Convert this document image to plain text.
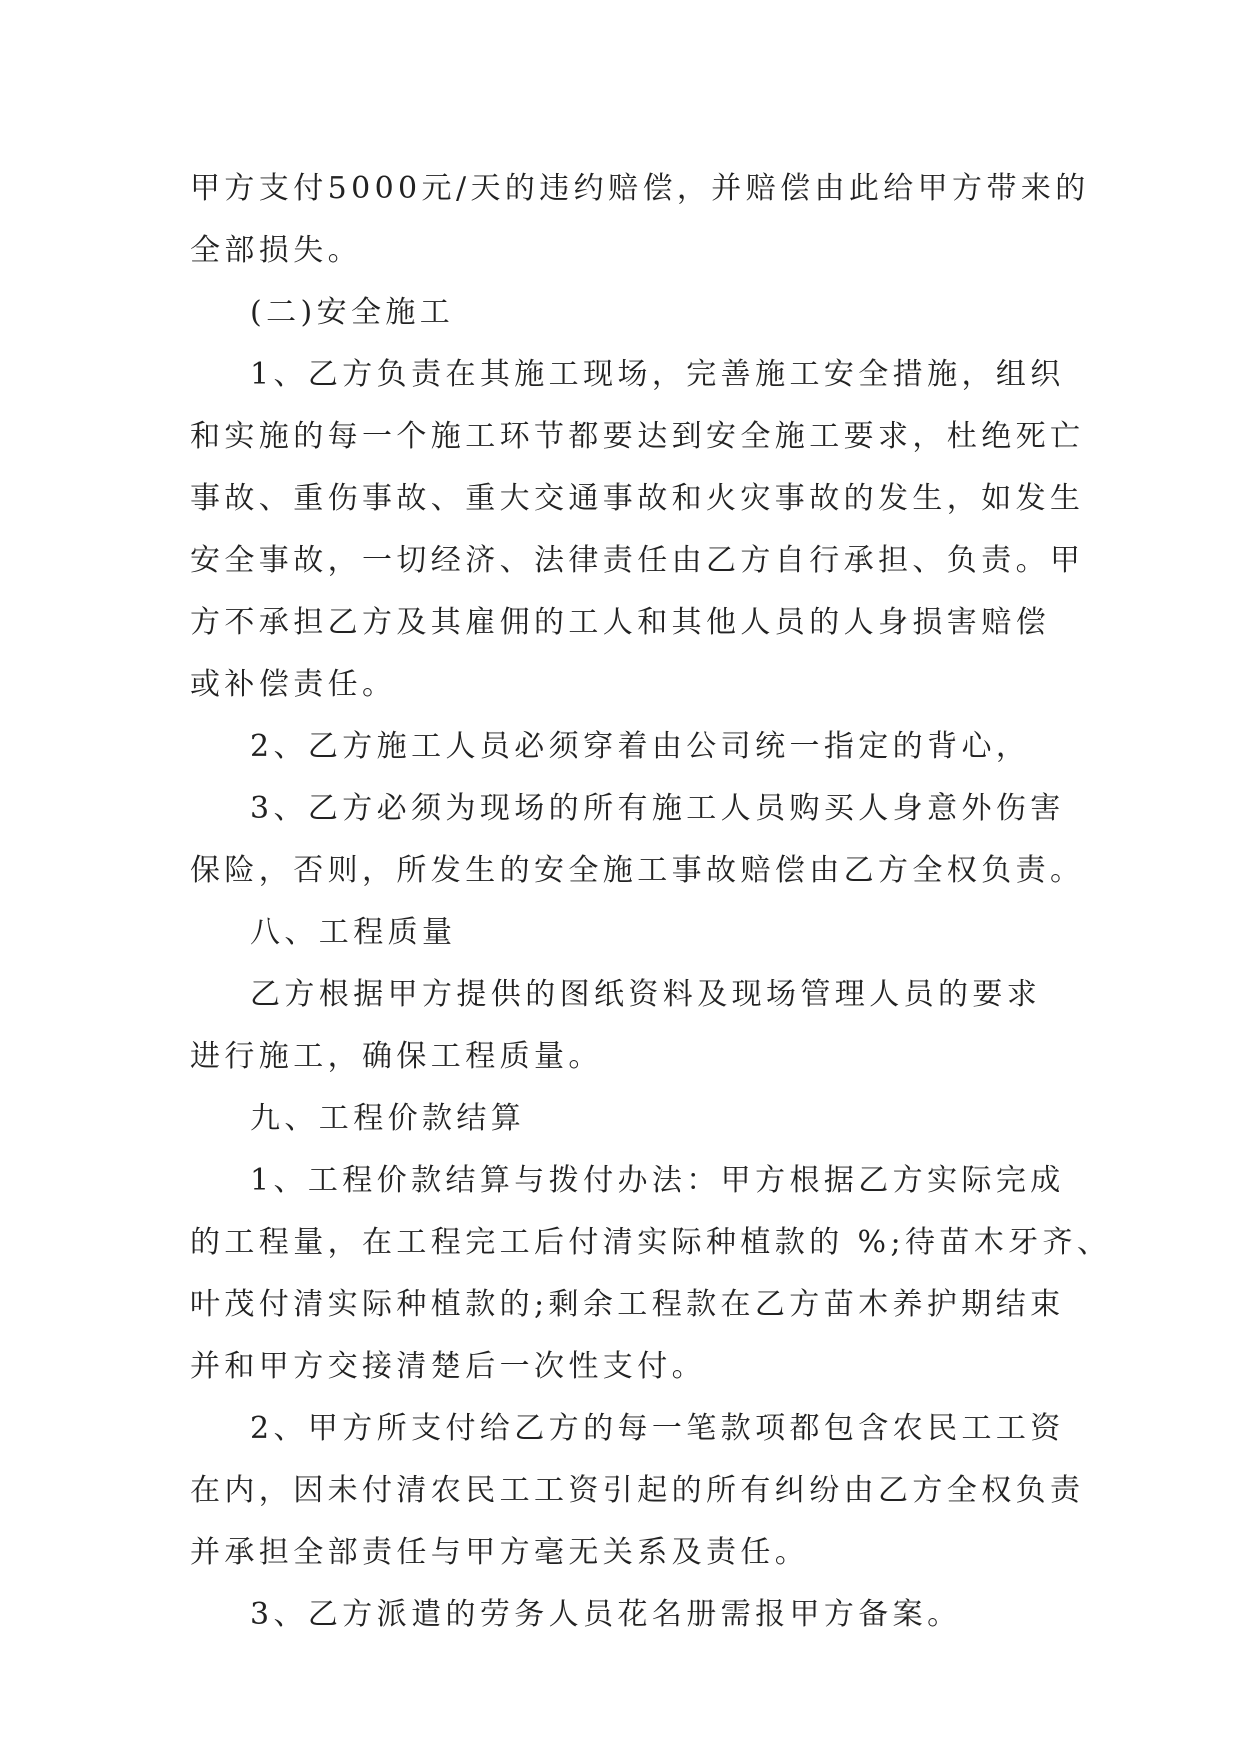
甲方支付5000元/天的违约赔偿，并赔偿由此给甲方带来的
全部损失。
(二)安全施工
1、乙方负责在其施工现场，完善施工安全措施，组织
和实施的每一个施工环节都要达到安全施工要求，杜绝死亡
事故、重伤事故、重大交通事故和火灾事故的发生，如发生
安全事故，一切经济、法律责任由乙方自行承担、负责。甲
方不承担乙方及其雇佣的工人和其他人员的人身损害赔偿
或补偿责任。
2、乙方施工人员必须穿着由公司统一指定的背心，
3、乙方必须为现场的所有施工人员购买人身意外伤害
保险，否则，所发生的安全施工事故赔偿由乙方全权负责。
八、工程质量
乙方根据甲方提供的图纸资料及现场管理人员的要求
进行施工，确保工程质量。
九、工程价款结算
1、工程价款结算与拨付办法：甲方根据乙方实际完成
的工程量，在工程完工后付清实际种植款的 %;待苗木牙齐、
叶茂付清实际种植款的;剩余工程款在乙方苗木养护期结束
并和甲方交接清楚后一次性支付。
2、甲方所支付给乙方的每一笔款项都包含农民工工资
在内，因未付清农民工工资引起的所有纠纷由乙方全权负责
并承担全部责任与甲方毫无关系及责任。
3、乙方派遣的劳务人员花名册需报甲方备案。
